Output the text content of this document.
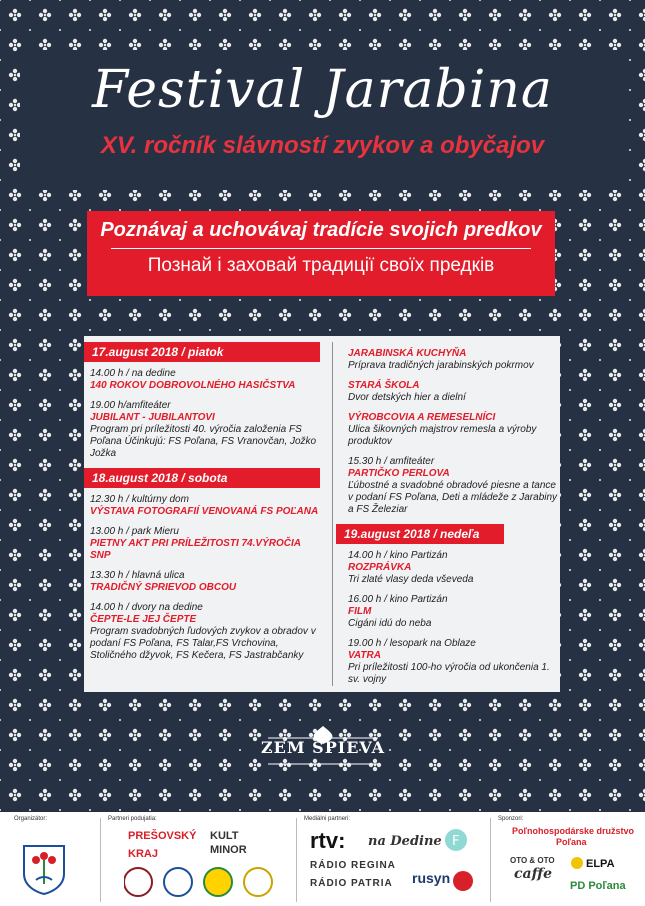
Festival Jarabina
XV. ročník slávností zvykov a obyčajov
Poznávaj a uchovávaj tradície svojich predkov
Познай і заховай традиції своїх предків
17.august 2018 / piatok
14.00 h / na dedine
140 ROKOV DOBROVOLNÉHO HASIČSTVA
19.00 h/amfiteáter
JUBILANT - JUBILANTOVI
Program pri príležitosti 40. výročia založenia FS Poľana Účinkujú: FS Poľana, FS Vranovčan, Jožko Jožka
18.august 2018 / sobota
12.30 h / kultúrny dom
VÝSTAVA FOTOGRAFIÍ VENOVANÁ FS POĽANA
13.00 h / park Mieru
PIETNY AKT PRI PRÍLEŽITOSTI 74.VÝROČIA SNP
13.30 h / hlavná ulica
TRADIČNÝ SPRIEVOD OBCOU
14.00 h / dvory na dedine
ČEPTE-LE JEJ ČEPTE
Program svadobných ľudových zvykov a obradov v podaní FS Poľana, FS Talar,FS Vrchovina, Stoličného džyvok, FS Kečera, FS Jastrabčanky
JARABINSKÁ KUCHYŇA
Príprava tradičných jarabinských pokrmov
STARÁ ŠKOLA
Dvor detských hier a dielní
VÝROBCOVIA A REMESELNÍCI
Ulica šikovných majstrov remesla a výroby produktov
15.30 h / amfiteáter
PARTIČKO PERLOVA
Ľúbostné a svadobné obradové piesne a tance v podaní FS Poľana, Deti a mládeže z Jarabiny a FS Železiar
19.august 2018 / nedeľa
14.00 h / kino Partizán
ROZPRÁVKA
Tri zlaté vlasy deda vševeda
16.00 h / kino Partizán
FILM
Cigáni idú do neba
19.00 h / lesopark na Oblaze
VATRA
Pri príležitosti 100-ho výročia od ukončenia 1. sv. vojny
ZEM SPIEVA
Organizátor:	Partneri podujatia:
PREŠOVSKÝ
KRAJ
KULT
MINOR
Mediálni partneri:
rtv: na Dedine
RÁDIO REGINA
RÁDIO PATRIA rusyn
F
Sponzori:
Poľnohospodárske družstvo
Poľana
OTO & OTO
caffe
ELPA
PD Poľana
